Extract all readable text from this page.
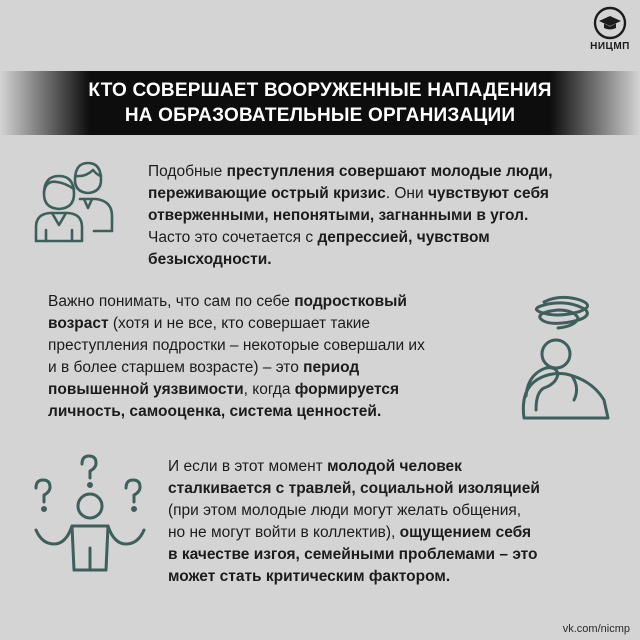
НИЦМП
КТО СОВЕРШАЕТ ВООРУЖЕННЫЕ НАПАДЕНИЯ
НА ОБРАЗОВАТЕЛЬНЫЕ ОРГАНИЗАЦИИ
Подобные преступления совершают молодые люди,
переживающие острый кризис. Они чувствуют себя
отверженными, непонятыми, загнанными в угол.
Часто это сочетается с депрессией, чувством
безысходности.
Важно понимать, что сам по себе подростковый
возраст (хотя и не все, кто совершает такие
преступления подростки – некоторые совершали их
и в более старшем возрасте) – это период
повышенной уязвимости, когда формируется
личность, самооценка, система ценностей.
И если в этот момент молодой человек
сталкивается с травлей, социальной изоляцией
(при этом молодые люди могут желать общения,
но не могут войти в коллектив), ощущением себя
в качестве изгоя, семейными проблемами – это
может стать критическим фактором.
vk.com/nicmp
